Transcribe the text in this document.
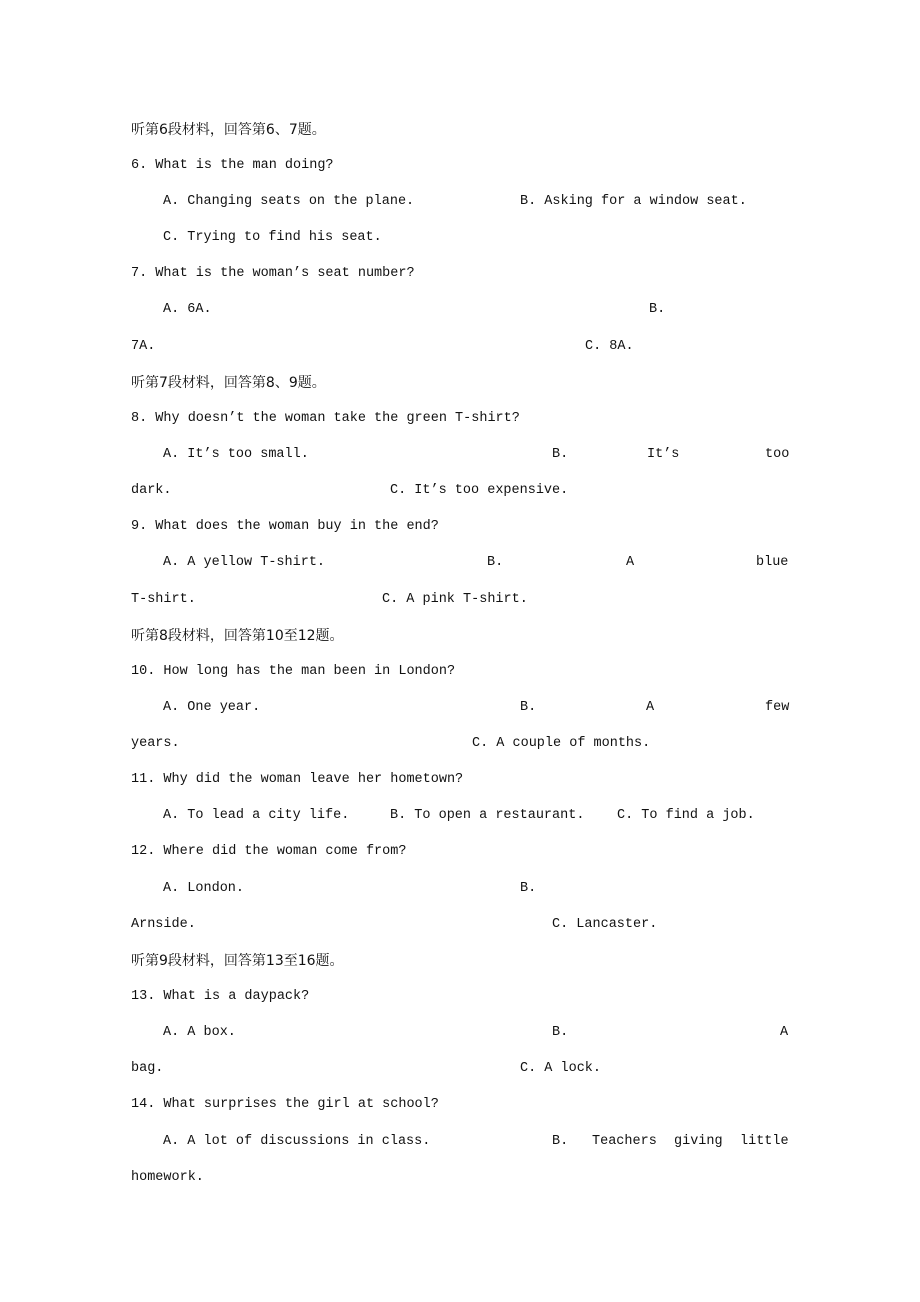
听第6段材料，回答第6、7题。
6. What is the man doing?
A. Changing seats on the plane.	B. Asking for a window seat.
C. Trying to find his seat.
7. What is the woman’s seat number?
A. 6A.	B.
7A.	C. 8A.
听第7段材料，回答第8、9题。
8. Why doesn’t the woman take the green T-shirt?
A. It’s too small.	B.	It’s	too
dark.	C. It’s too expensive.
9. What does the woman buy in the end?
A. A yellow T-shirt.	B.	A	blue
T-shirt.	C. A pink T-shirt.
听第8段材料，回答第10至12题。
10. How long has the man been in London?
A. One year.	B.	A	few
years.	C. A couple of months.
11. Why did the woman leave her hometown?
A. To lead a city life.	B. To open a restaurant. C. To find a job.
12. Where did the woman come from?
A. London.	B.
Arnside.	C. Lancaster.
听第9段材料，回答第13至16题。
13. What is a daypack?
A. A box.	B.	A
bag.	C. A lock.
14. What surprises the girl at school?
A. A lot of discussions in class.	B. Teachers giving little
homework.
